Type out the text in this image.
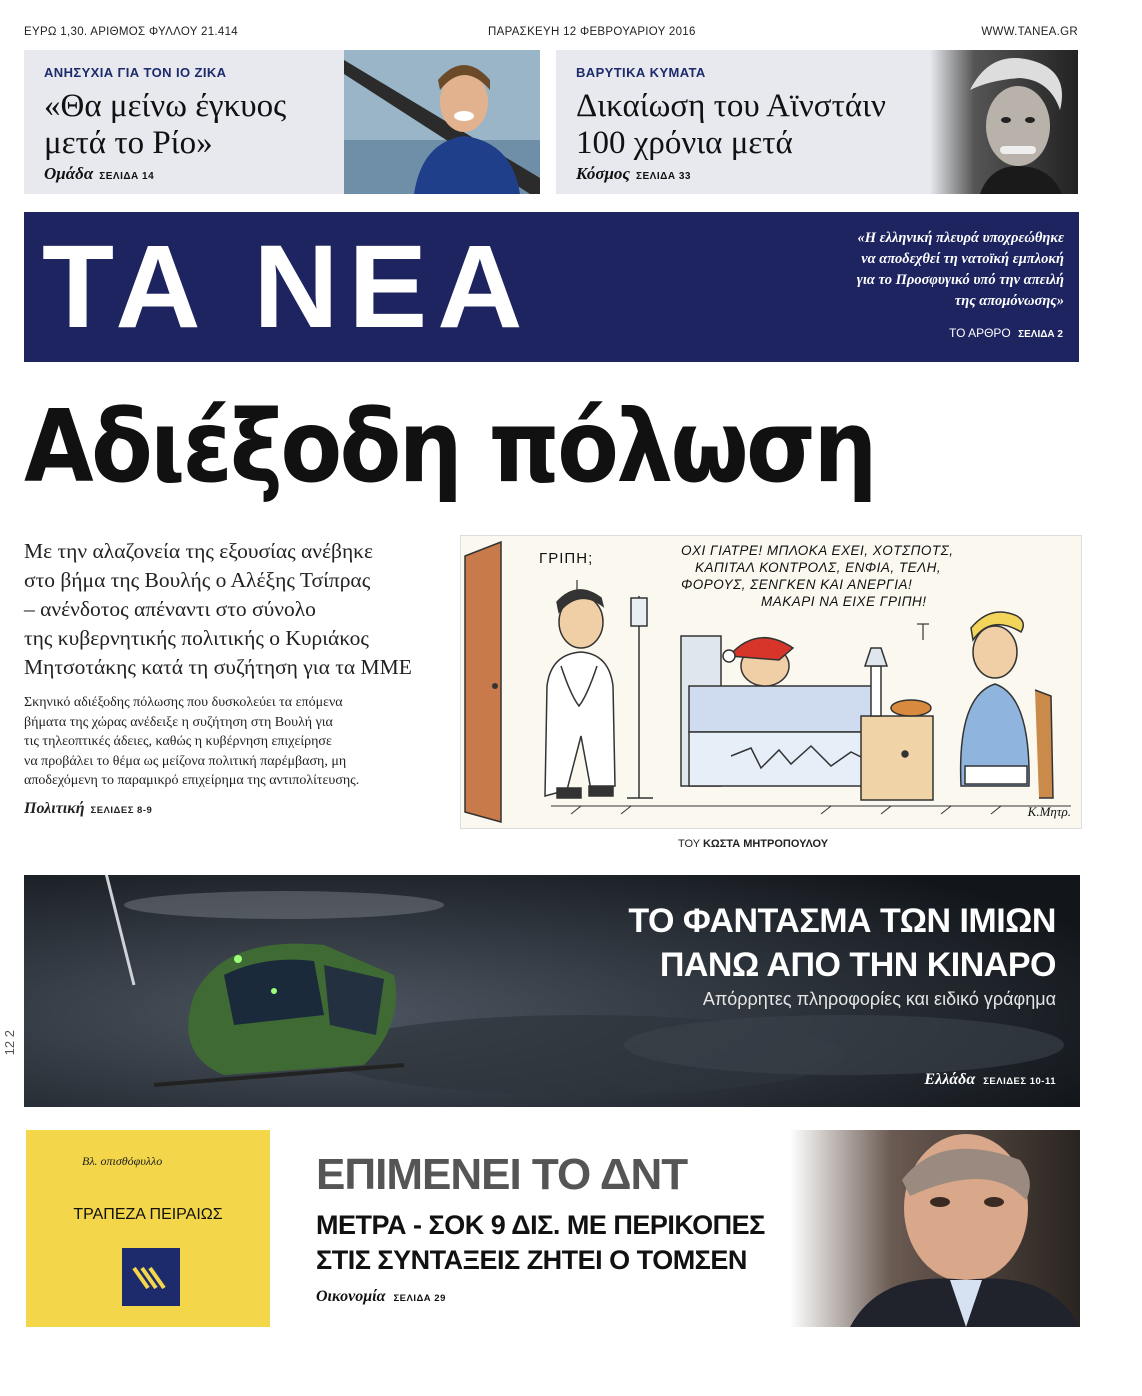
ΕΥΡΩ 1,30. ΑΡΙΘΜΟΣ ΦΥΛΛΟΥ 21.414	ΠΑΡΑΣΚΕΥΗ 12 ΦΕΒΡΟΥΑΡΙΟΥ 2016	WWW.TANEA.GR
ΑΝΗΣΥΧΙΑ ΓΙΑ ΤΟΝ ΙΟ ΖΙΚΑ
«Θα μείνω έγκυος
μετά το Ρίο»
Ομάδα ΣΕΛΙΔΑ 14
ΒΑΡΥΤΙΚΑ ΚΥΜΑΤΑ
Δικαίωση του Αϊνστάιν
100 χρόνια μετά
Κόσμος ΣΕΛΙΔΑ 33
ΤΑ ΝΕΑ	«Η ελληνική πλευρά υποχρεώθηκε
να αποδεχθεί τη νατοϊκή εμπλοκή
για το Προσφυγικό υπό την απειλή
της απομόνωσης»
ΤΟ ΑΡΘΡΟ ΣΕΛΙΔΑ 2
Αδιέξοδη πόλωση
Με την αλαζονεία της εξουσίας ανέβηκε
στο βήμα της Βουλής ο Αλέξης Τσίπρας
– ανένδοτος απέναντι στο σύνολο
της κυβερνητικής πολιτικής ο Κυριάκος
Μητσοτάκης κατά τη συζήτηση για τα ΜΜΕ
Σκηνικό αδιέξοδης πόλωσης που δυσκολεύει τα επόμενα
βήματα της χώρας ανέδειξε η συζήτηση στη Βουλή για
τις τηλεοπτικές άδειες, καθώς η κυβέρνηση επιχείρησε
να προβάλει το θέμα ως μείζονα πολιτική παρέμβαση, μη
αποδεχόμενη το παραμικρό επιχείρημα της αντιπολίτευσης.
Πολιτική ΣΕΛΙΔΕΣ 8-9
ΓΡΙΠΗ;	ΟΧΙ ΓΙΑΤΡΕ! ΜΠΛΟΚΑ ΕΧΕΙ, ΧΟΤΣΠΟΤΣ,
ΚΑΠΙΤΑΛ ΚΟΝΤΡΟΛΣ, ΕΝΦΙΑ, ΤΕΛΗ,
ΦΟΡΟΥΣ, ΣΕΝΓΚΕΝ ΚΑΙ ΑΝΕΡΓΙΑ!
ΜΑΚΑΡΙ ΝΑ ΕΙΧΕ ΓΡΙΠΗ!
Κ.Μητρ.
ΤΟΥ ΚΩΣΤΑ ΜΗΤΡΟΠΟΥΛΟΥ
ΤΟ ΦΑΝΤΑΣΜΑ ΤΩΝ ΙΜΙΩΝ
ΠΑΝΩ ΑΠΟ ΤΗΝ ΚΙΝΑΡΟ
Απόρρητες πληροφορίες και ειδικό γράφημα
Ελλάδα ΣΕΛΙΔΕΣ 10-11
12 2
Βλ. οπισθόφυλλο
ΤΡΑΠΕΖΑ ΠΕΙΡΑΙΩΣ
ΕΠΙΜΕΝΕΙ ΤΟ ΔΝΤ
ΜΕΤΡΑ - ΣΟΚ 9 ΔΙΣ. ΜΕ ΠΕΡΙΚΟΠΕΣ
ΣΤΙΣ ΣΥΝΤΑΞΕΙΣ ΖΗΤΕΙ Ο ΤΟΜΣΕΝ
Οικονομία ΣΕΛΙΔΑ 29
